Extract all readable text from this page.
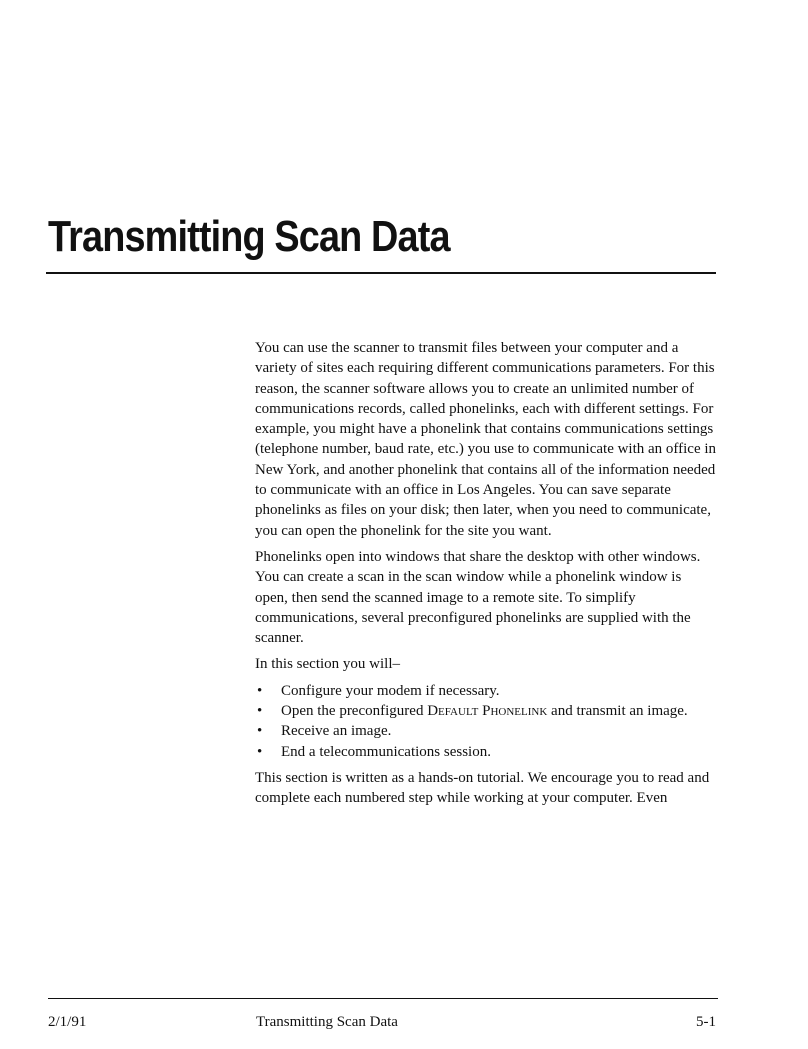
Transmitting Scan Data

You can use the scanner to transmit files between your computer and a variety of sites each requiring different communications parameters. For this reason, the scanner software allows you to create an unlimited number of communications records, called phonelinks, each with different settings. For example, you might have a phonelink that contains communications settings (telephone number, baud rate, etc.) you use to communicate with an office in New York, and another phonelink that contains all of the information needed to communicate with an office in Los Angeles. You can save separate phonelinks as files on your disk; then later, when you need to communicate, you can open the phonelink for the site you want.

Phonelinks open into windows that share the desktop with other windows. You can create a scan in the scan window while a phonelink window is open, then send the scanned image to a remote site. To simplify communications, several preconfigured phonelinks are supplied with the scanner.

In this section you will–

• Configure your modem if necessary.
• Open the preconfigured Default Phonelink and transmit an image.
• Receive an image.
• End a telecommunications session.

This section is written as a hands-on tutorial. We encourage you to read and complete each numbered step while working at your computer. Even

2/1/91	Transmitting Scan Data	5-1
